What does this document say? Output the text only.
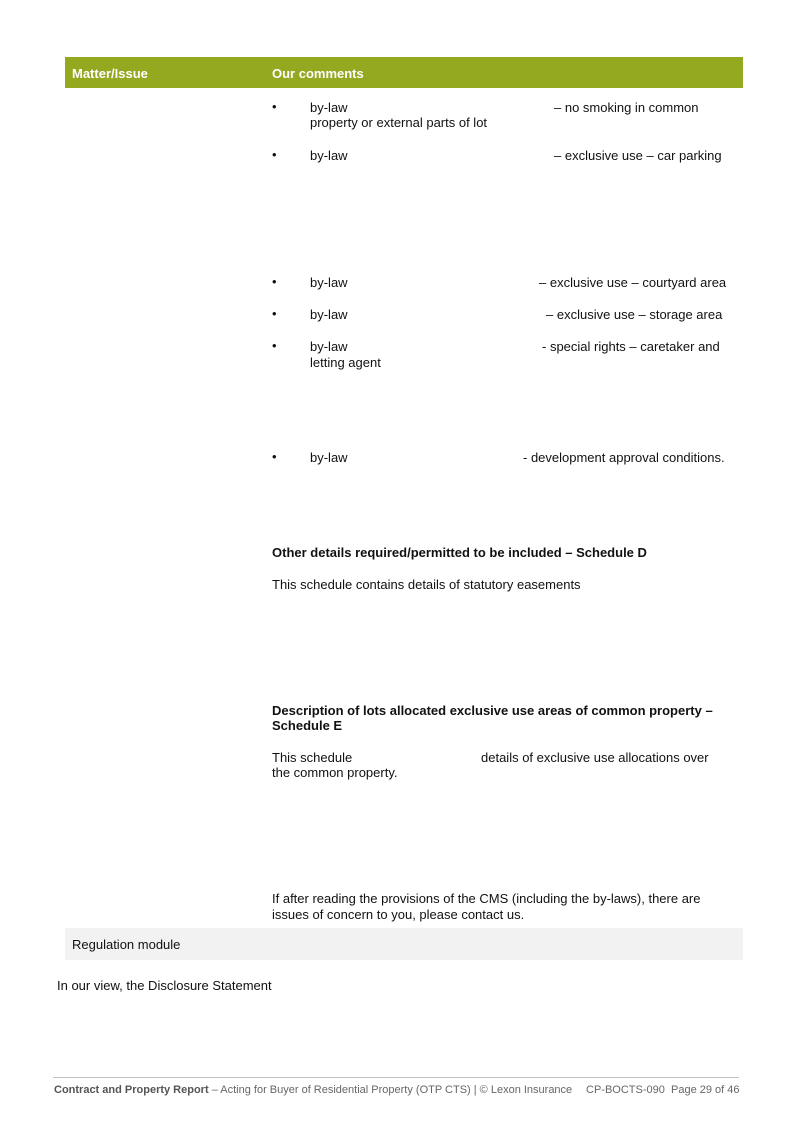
Matter/Issue	Our comments
•	by-law	– no smoking in common
property or external parts of lot
•	by-law	– exclusive use – car parking
•	by-law	– exclusive use – courtyard area
•	by-law	– exclusive use – storage area
•	by-law	- special rights – caretaker and
letting agent
•	by-law	- development approval conditions.
Other details required/permitted to be included – Schedule D
This schedule contains details of statutory easements
Description of lots allocated exclusive use areas of common property –
Schedule E
This schedule	details of exclusive use allocations over
the common property.
If after reading the provisions of the CMS (including the by-laws), there are
issues of concern to you, please contact us.
Regulation module
In our view, the Disclosure Statement
Contract and Property Report – Acting for Buyer of Residential Property (OTP CTS) | © Lexon Insurance CP-BOCTS-090 Page 29 of 46
